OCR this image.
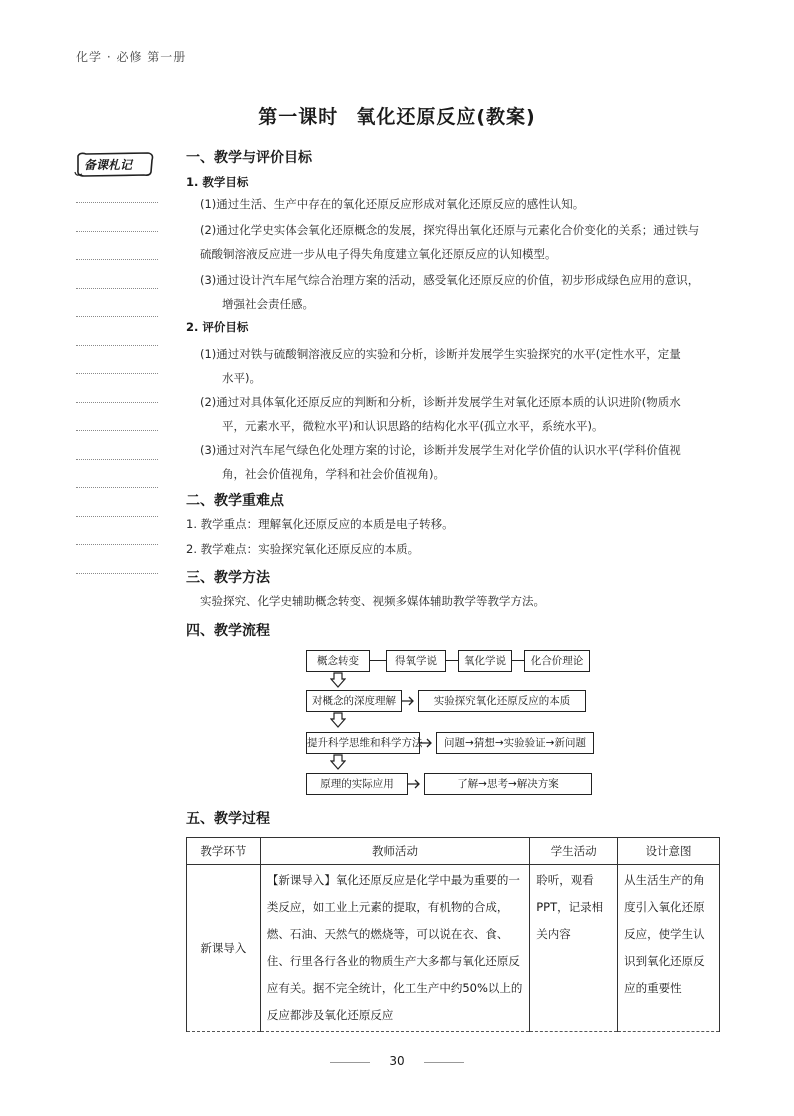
化学 · 必修 第一册
第一课时 氧化还原反应(教案)
备课札记	一、教学与评价目标
1. 教学目标
(1)通过生活、生产中存在的氧化还原反应形成对氧化还原反应的感性认知。
(2)通过化学史实体会氧化还原概念的发展，探究得出氧化还原与元素化合价变化的关系；通过铁与
硫酸铜溶液反应进一步从电子得失角度建立氧化还原反应的认知模型。
(3)通过设计汽车尾气综合治理方案的活动，感受氧化还原反应的价值，初步形成绿色应用的意识，
增强社会责任感。
2. 评价目标
(1)通过对铁与硫酸铜溶液反应的实验和分析，诊断并发展学生实验探究的水平(定性水平，定量
水平)。
(2)通过对具体氧化还原反应的判断和分析，诊断并发展学生对氧化还原本质的认识进阶(物质水
平，元素水平，微粒水平)和认识思路的结构化水平(孤立水平，系统水平)。
(3)通过对汽车尾气绿色化处理方案的讨论，诊断并发展学生对化学价值的认识水平(学科价值视
角，社会价值视角，学科和社会价值视角)。
二、教学重难点
1. 教学重点：理解氧化还原反应的本质是电子转移。
2. 教学难点：实验探究氧化还原反应的本质。
三、教学方法
实验探究、化学史辅助概念转变、视频多媒体辅助教学等教学方法。
四、教学流程
概念转变	得氧学说	氧化学说	化合价理论
对概念的深度理解	实验探究氧化还原反应的本质
提升科学思维和科学方法	问题→猜想→实验验证→新问题
原理的实际应用	了解→思考→解决方案
五、教学过程
教学环节	教师活动	学生活动	设计意图
新课导入	【新课导入】氧化还原反应是化学中最为重要的一类反应，如工业上元素的提取，有机物的合成，燃、石油、天然气的燃烧等，可以说在衣、食、住、行里各行各业的物质生产大多都与氧化还原反应有关。据不完全统计，化工生产中约50%以上的反应都涉及氧化还原反应	聆听，观看PPT，记录相关内容	从生活生产的角度引入氧化还原反应，使学生认识到氧化还原反应的重要性
30
